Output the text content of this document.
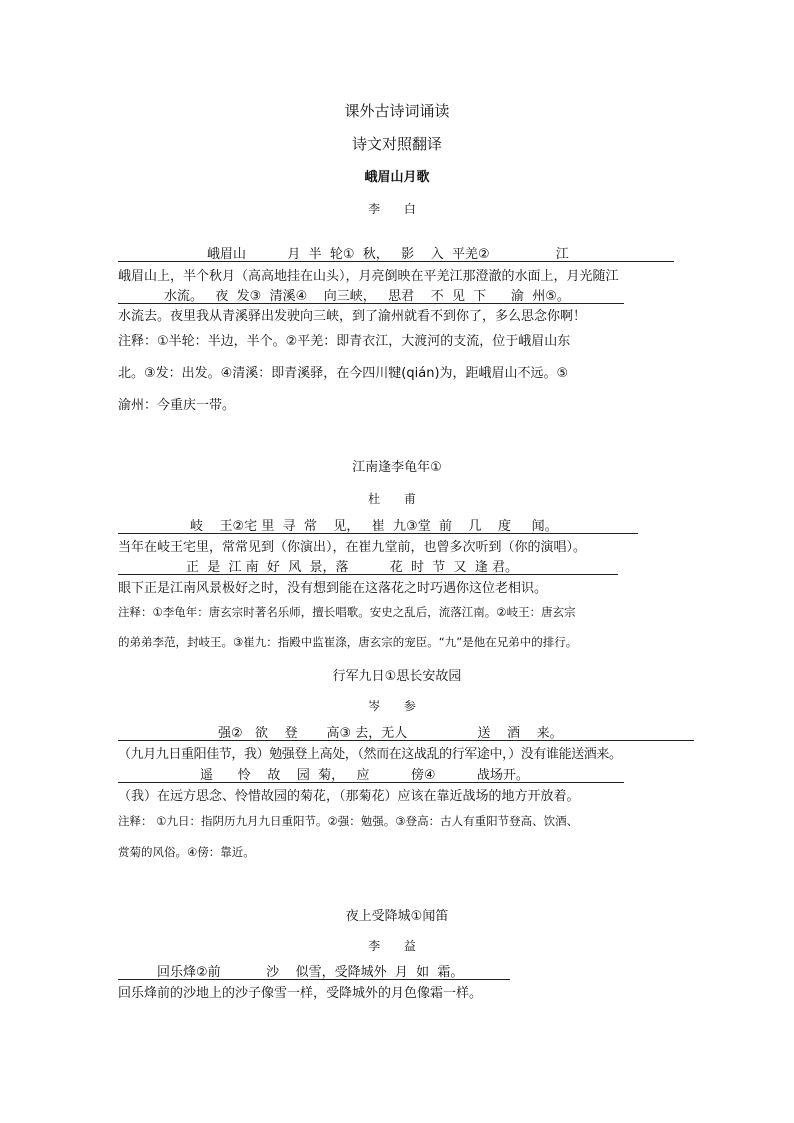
课外古诗词诵读
诗文对照翻译
峨眉山月歌
李 白
峨眉山          月  半  轮①  秋，   影    入  平羌②                江
峨眉山上，半个秋月（高高地挂在山头），月亮倒映在平羌江那澄澈的水面上，月光随江
水流。   夜  发③  清溪④    向三峡，   思君    不  见  下      渝  州⑤。
水流去。夜里我从青溪驿出发驶向三峡，到了渝州就看不到你了，多么思念你啊！
注释：①半轮：半边，半个。②平羌：即青衣江，大渡河的支流，位于峨眉山东
北。③发：出发。④清溪：即青溪驿，在今四川犍(qián)为，距峨眉山不远。⑤
渝州：今重庆一带。
江南逢李龟年①
杜 甫
岐    王②宅 里  寻  常    见，   崔  九③堂  前    几    度     闻。
当年在岐王宅里，常常见到（你演出），在崔九堂前，也曾多次听到（你的演唱）。
正  是  江 南  好  风  景，落          花  时  节  又  逢 君。
眼下正是江南风景极好之时，没有想到能在这落花之时巧遇你这位老相识。
注释：①李龟年：唐玄宗时著名乐师，擅长唱歌。安史之乱后，流落江南。②岐王：唐玄宗
的弟弟李范，封岐王。③崔九：指殿中监崔涤，唐玄宗的宠臣。“九”是他在兄弟中的排行。
行军九日①思长安故园
岑 参
强②   欲    登       高③ 去，无人                 送    酒    来。
（九月九日重阳佳节，我）勉强登上高处，（然而在这战乱的行军途中，）没有谁能送酒来。
遥      怜    故    园  菊，   应          傍④          战场开。
（我）在远方思念、怜惜故园的菊花，（那菊花）应该在靠近战场的地方开放着。
注释： ①九日：指阴历九月九日重阳节。②强：勉强。③登高：古人有重阳节登高、饮酒、
赏菊的风俗。④傍：靠近。
夜上受降城①闻笛
李 益
回乐烽②前           沙    似雪，受降城外  月  如  霜。
回乐烽前的沙地上的沙子像雪一样，受降城外的月色像霜一样。
